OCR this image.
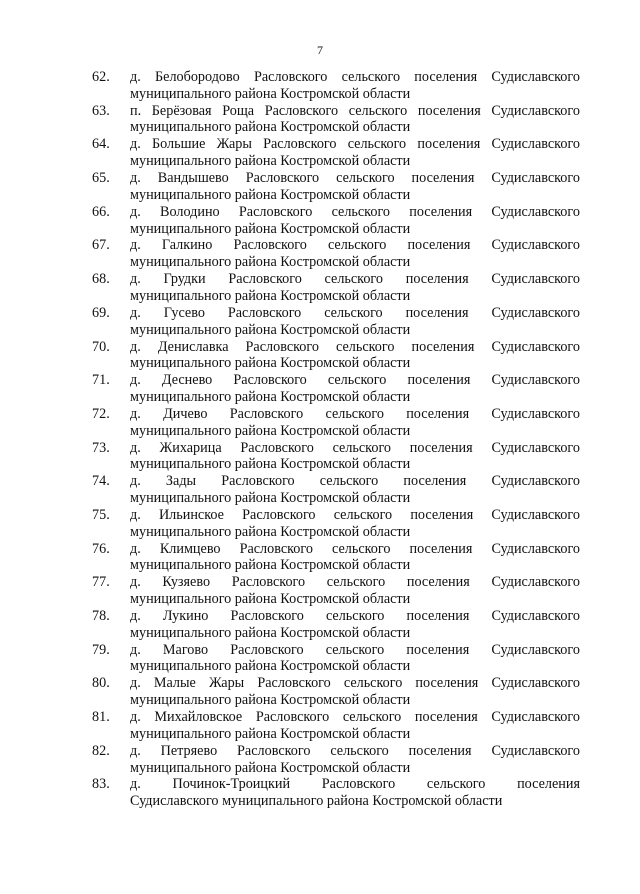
7
62.	д. Белобородово Расловского сельского поселения Судиславского
муниципального района Костромской области
63.	п. Берёзовая Роща Расловского сельского поселения Судиславского
муниципального района Костромской области
64.	д. Большие Жары Расловского сельского поселения Судиславского
муниципального района Костромской области
65.	д. Вандышево Расловского сельского поселения Судиславского
муниципального района Костромской области
66.	д. Володино Расловского сельского поселения Судиславского
муниципального района Костромской области
67.	д. Галкино Расловского сельского поселения Судиславского
муниципального района Костромской области
68.	д. Грудки Расловского сельского поселения Судиславского
муниципального района Костромской области
69.	д. Гусево Расловского сельского поселения Судиславского
муниципального района Костромской области
70.	д. Дениславка Расловского сельского поселения Судиславского
муниципального района Костромской области
71.	д. Деснево Расловского сельского поселения Судиславского
муниципального района Костромской области
72.	д. Дичево Расловского сельского поселения Судиславского
муниципального района Костромской области
73.	д. Жихарица Расловского сельского поселения Судиславского
муниципального района Костромской области
74.	д. Зады Расловского сельского поселения Судиславского
муниципального района Костромской области
75.	д. Ильинское Расловского сельского поселения Судиславского
муниципального района Костромской области
76.	д. Климцево Расловского сельского поселения Судиславского
муниципального района Костромской области
77.	д. Кузяево Расловского сельского поселения Судиславского
муниципального района Костромской области
78.	д. Лукино Расловского сельского поселения Судиславского
муниципального района Костромской области
79.	д. Магово Расловского сельского поселения Судиславского
муниципального района Костромской области
80.	д. Малые Жары Расловского сельского поселения Судиславского
муниципального района Костромской области
81.	д. Михайловское Расловского сельского поселения Судиславского
муниципального района Костромской области
82.	д. Петряево Расловского сельского поселения Судиславского
муниципального района Костромской области
83.	д. Починок-Троицкий Расловского сельского поселения
Судиславского муниципального района Костромской области
